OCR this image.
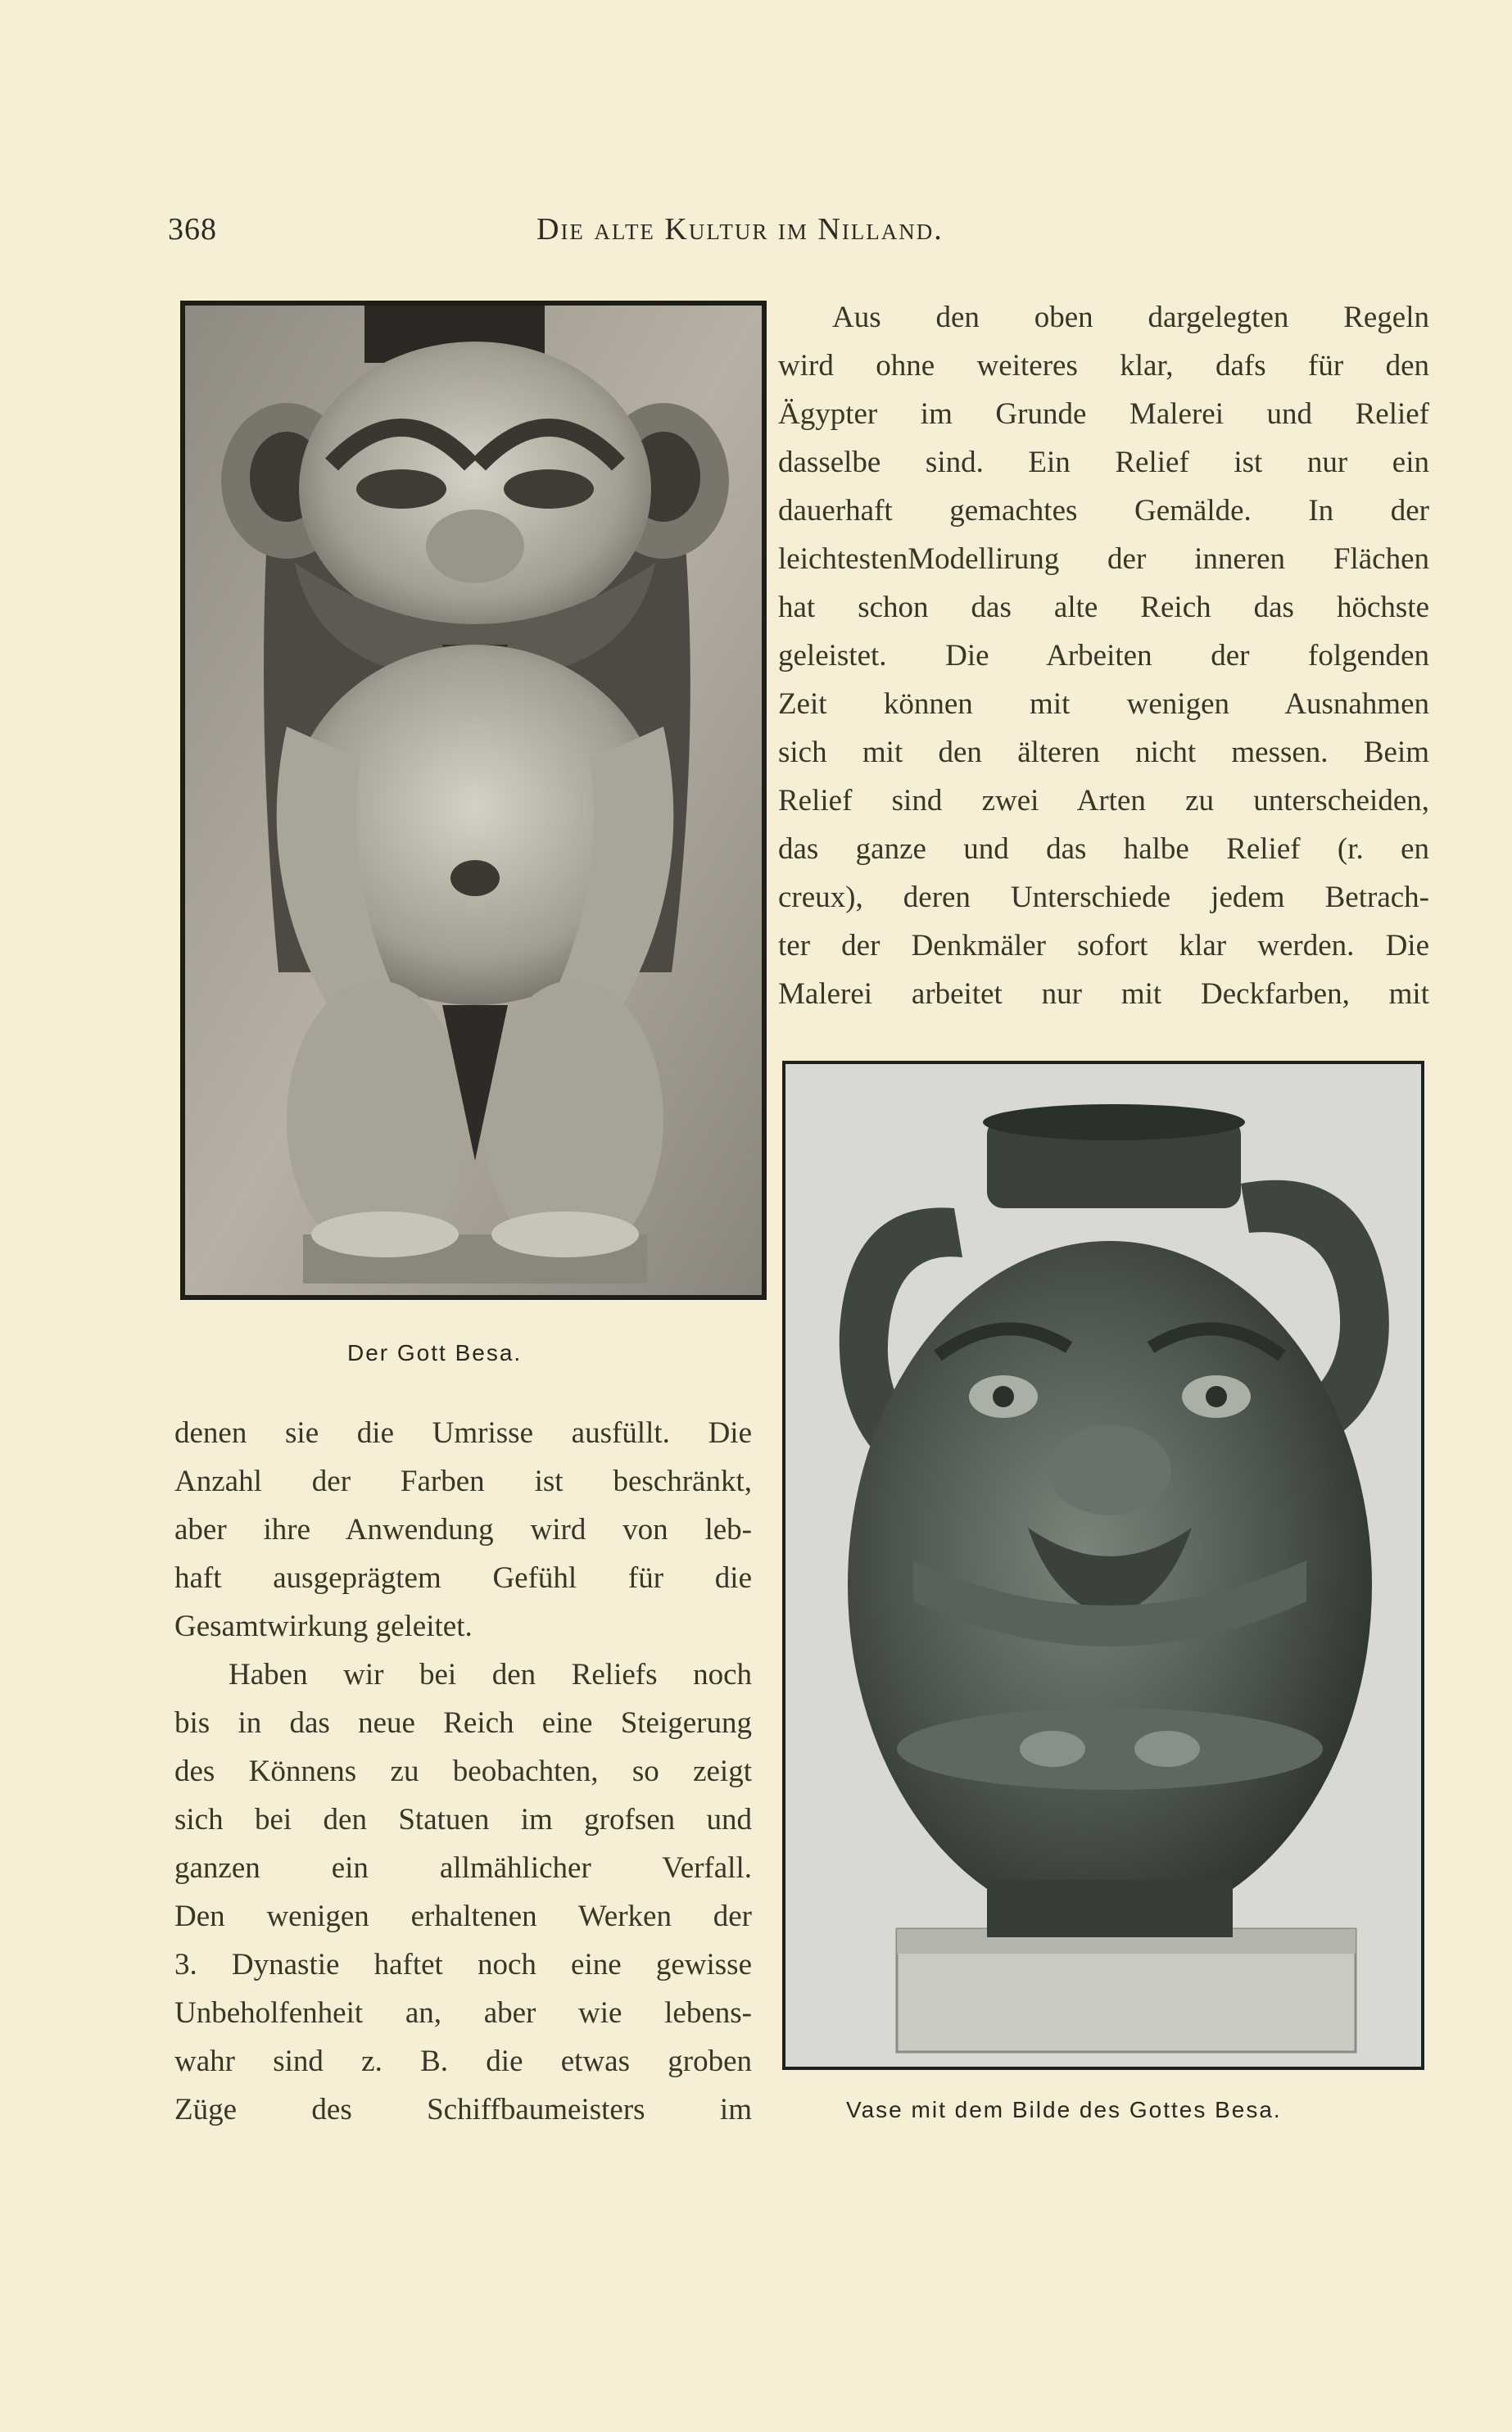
368	Die alte Kultur im Nilland.
Der Gott Besa.
Aus den oben dargelegten Regeln
wird ohne weiteres klar, dafs für den
Ägypter im Grunde Malerei und Relief
dasselbe sind. Ein Relief ist nur ein
dauerhaft gemachtes Gemälde. In der
leichtestenModellirung der inneren Flächen
hat schon das alte Reich das höchste
geleistet. Die Arbeiten der folgenden
Zeit können mit wenigen Ausnahmen
sich mit den älteren nicht messen. Beim
Relief sind zwei Arten zu unterscheiden,
das ganze und das halbe Relief (r. en
creux), deren Unterschiede jedem Betrach-
ter der Denkmäler sofort klar werden. Die
Malerei arbeitet nur mit Deckfarben, mit
Vase mit dem Bilde des Gottes Besa.
denen sie die Umrisse ausfüllt. Die
Anzahl der Farben ist beschränkt,
aber ihre Anwendung wird von leb-
haft ausgeprägtem Gefühl für die
Gesamtwirkung geleitet.
Haben wir bei den Reliefs noch
bis in das neue Reich eine Steigerung
des Könnens zu beobachten, so zeigt
sich bei den Statuen im grofsen und
ganzen ein allmählicher Verfall.
Den wenigen erhaltenen Werken der
3. Dynastie haftet noch eine gewisse
Unbeholfenheit an, aber wie lebens-
wahr sind z. B. die etwas groben
Züge des Schiffbaumeisters im
